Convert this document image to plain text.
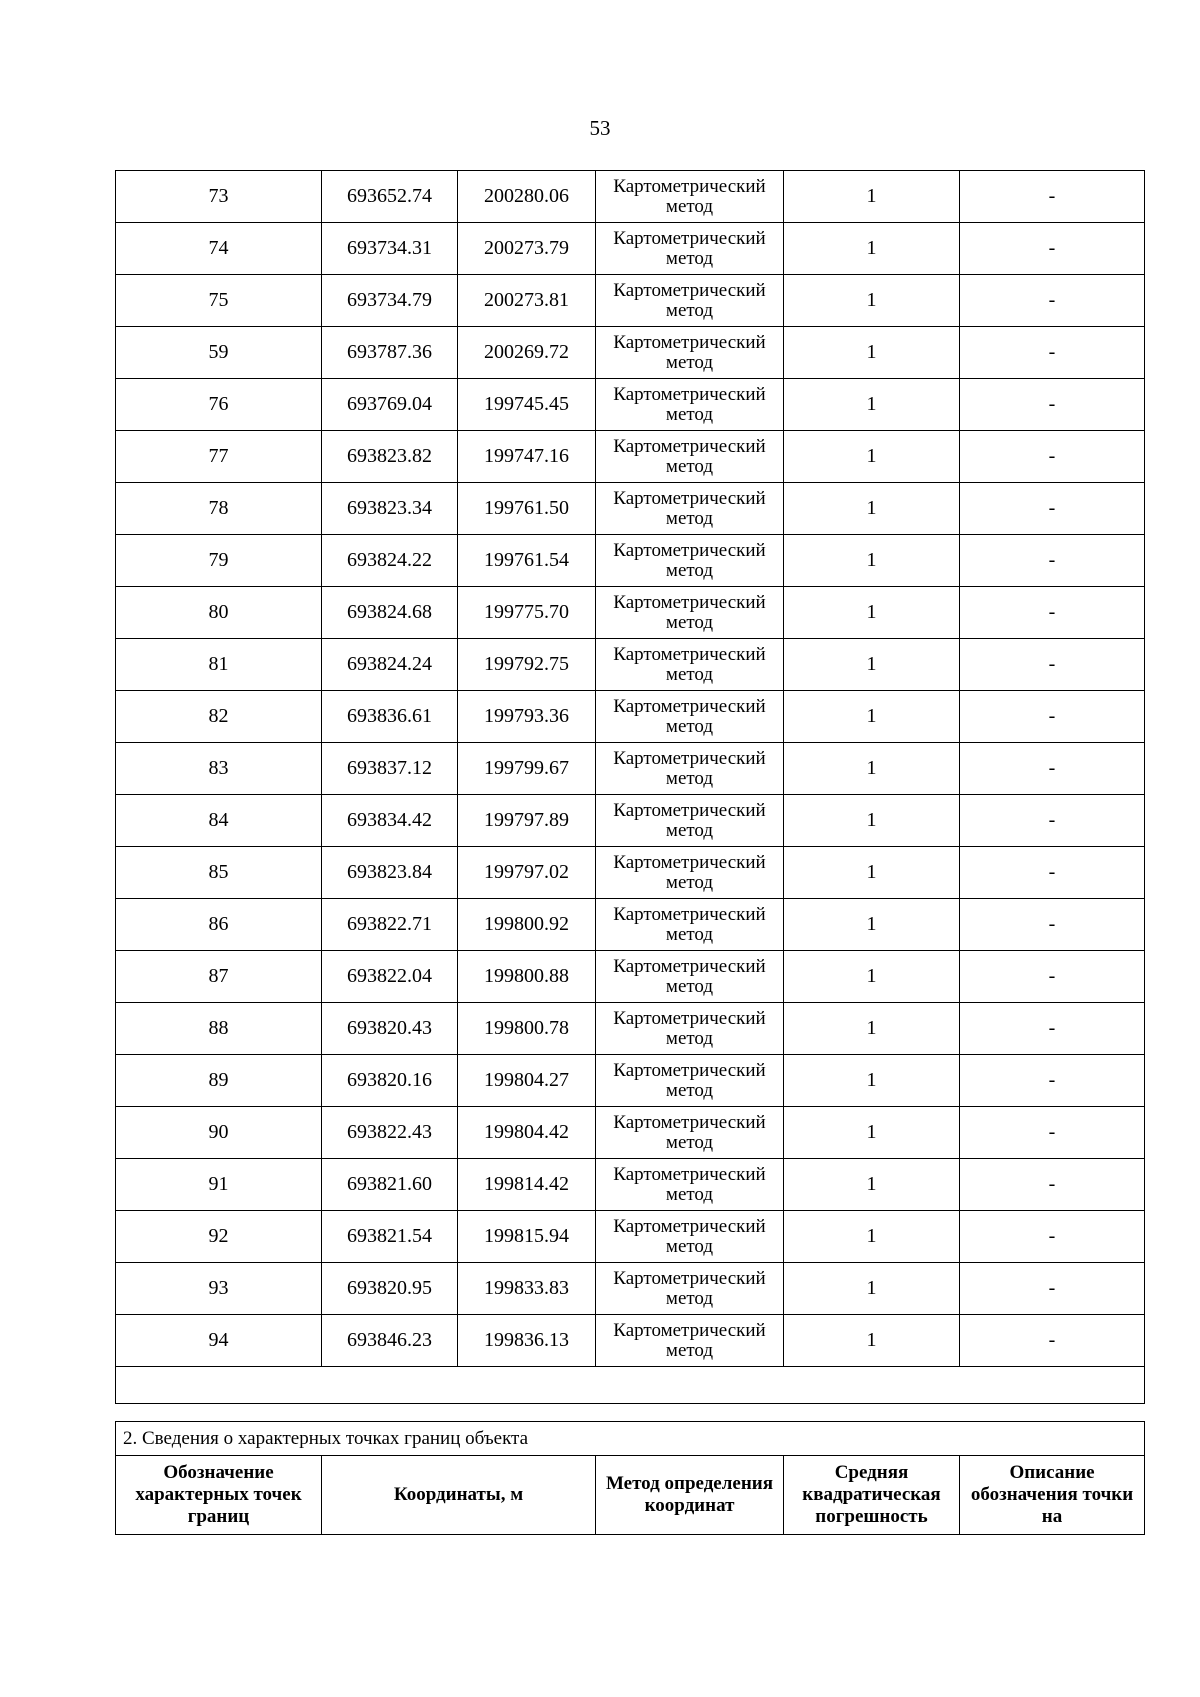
53
73	693652.74	200280.06	Картометрический метод	1	-
74	693734.31	200273.79	Картометрический метод	1	-
75	693734.79	200273.81	Картометрический метод	1	-
59	693787.36	200269.72	Картометрический метод	1	-
76	693769.04	199745.45	Картометрический метод	1	-
77	693823.82	199747.16	Картометрический метод	1	-
78	693823.34	199761.50	Картометрический метод	1	-
79	693824.22	199761.54	Картометрический метод	1	-
80	693824.68	199775.70	Картометрический метод	1	-
81	693824.24	199792.75	Картометрический метод	1	-
82	693836.61	199793.36	Картометрический метод	1	-
83	693837.12	199799.67	Картометрический метод	1	-
84	693834.42	199797.89	Картометрический метод	1	-
85	693823.84	199797.02	Картометрический метод	1	-
86	693822.71	199800.92	Картометрический метод	1	-
87	693822.04	199800.88	Картометрический метод	1	-
88	693820.43	199800.78	Картометрический метод	1	-
89	693820.16	199804.27	Картометрический метод	1	-
90	693822.43	199804.42	Картометрический метод	1	-
91	693821.60	199814.42	Картометрический метод	1	-
92	693821.54	199815.94	Картометрический метод	1	-
93	693820.95	199833.83	Картометрический метод	1	-
94	693846.23	199836.13	Картометрический метод	1	-

2. Сведения о характерных точках границ объекта
Обозначение характерных точек границ	Координаты, м	Метод определения координат	Средняя квадратическая погрешность	Описание обозначения точки на
